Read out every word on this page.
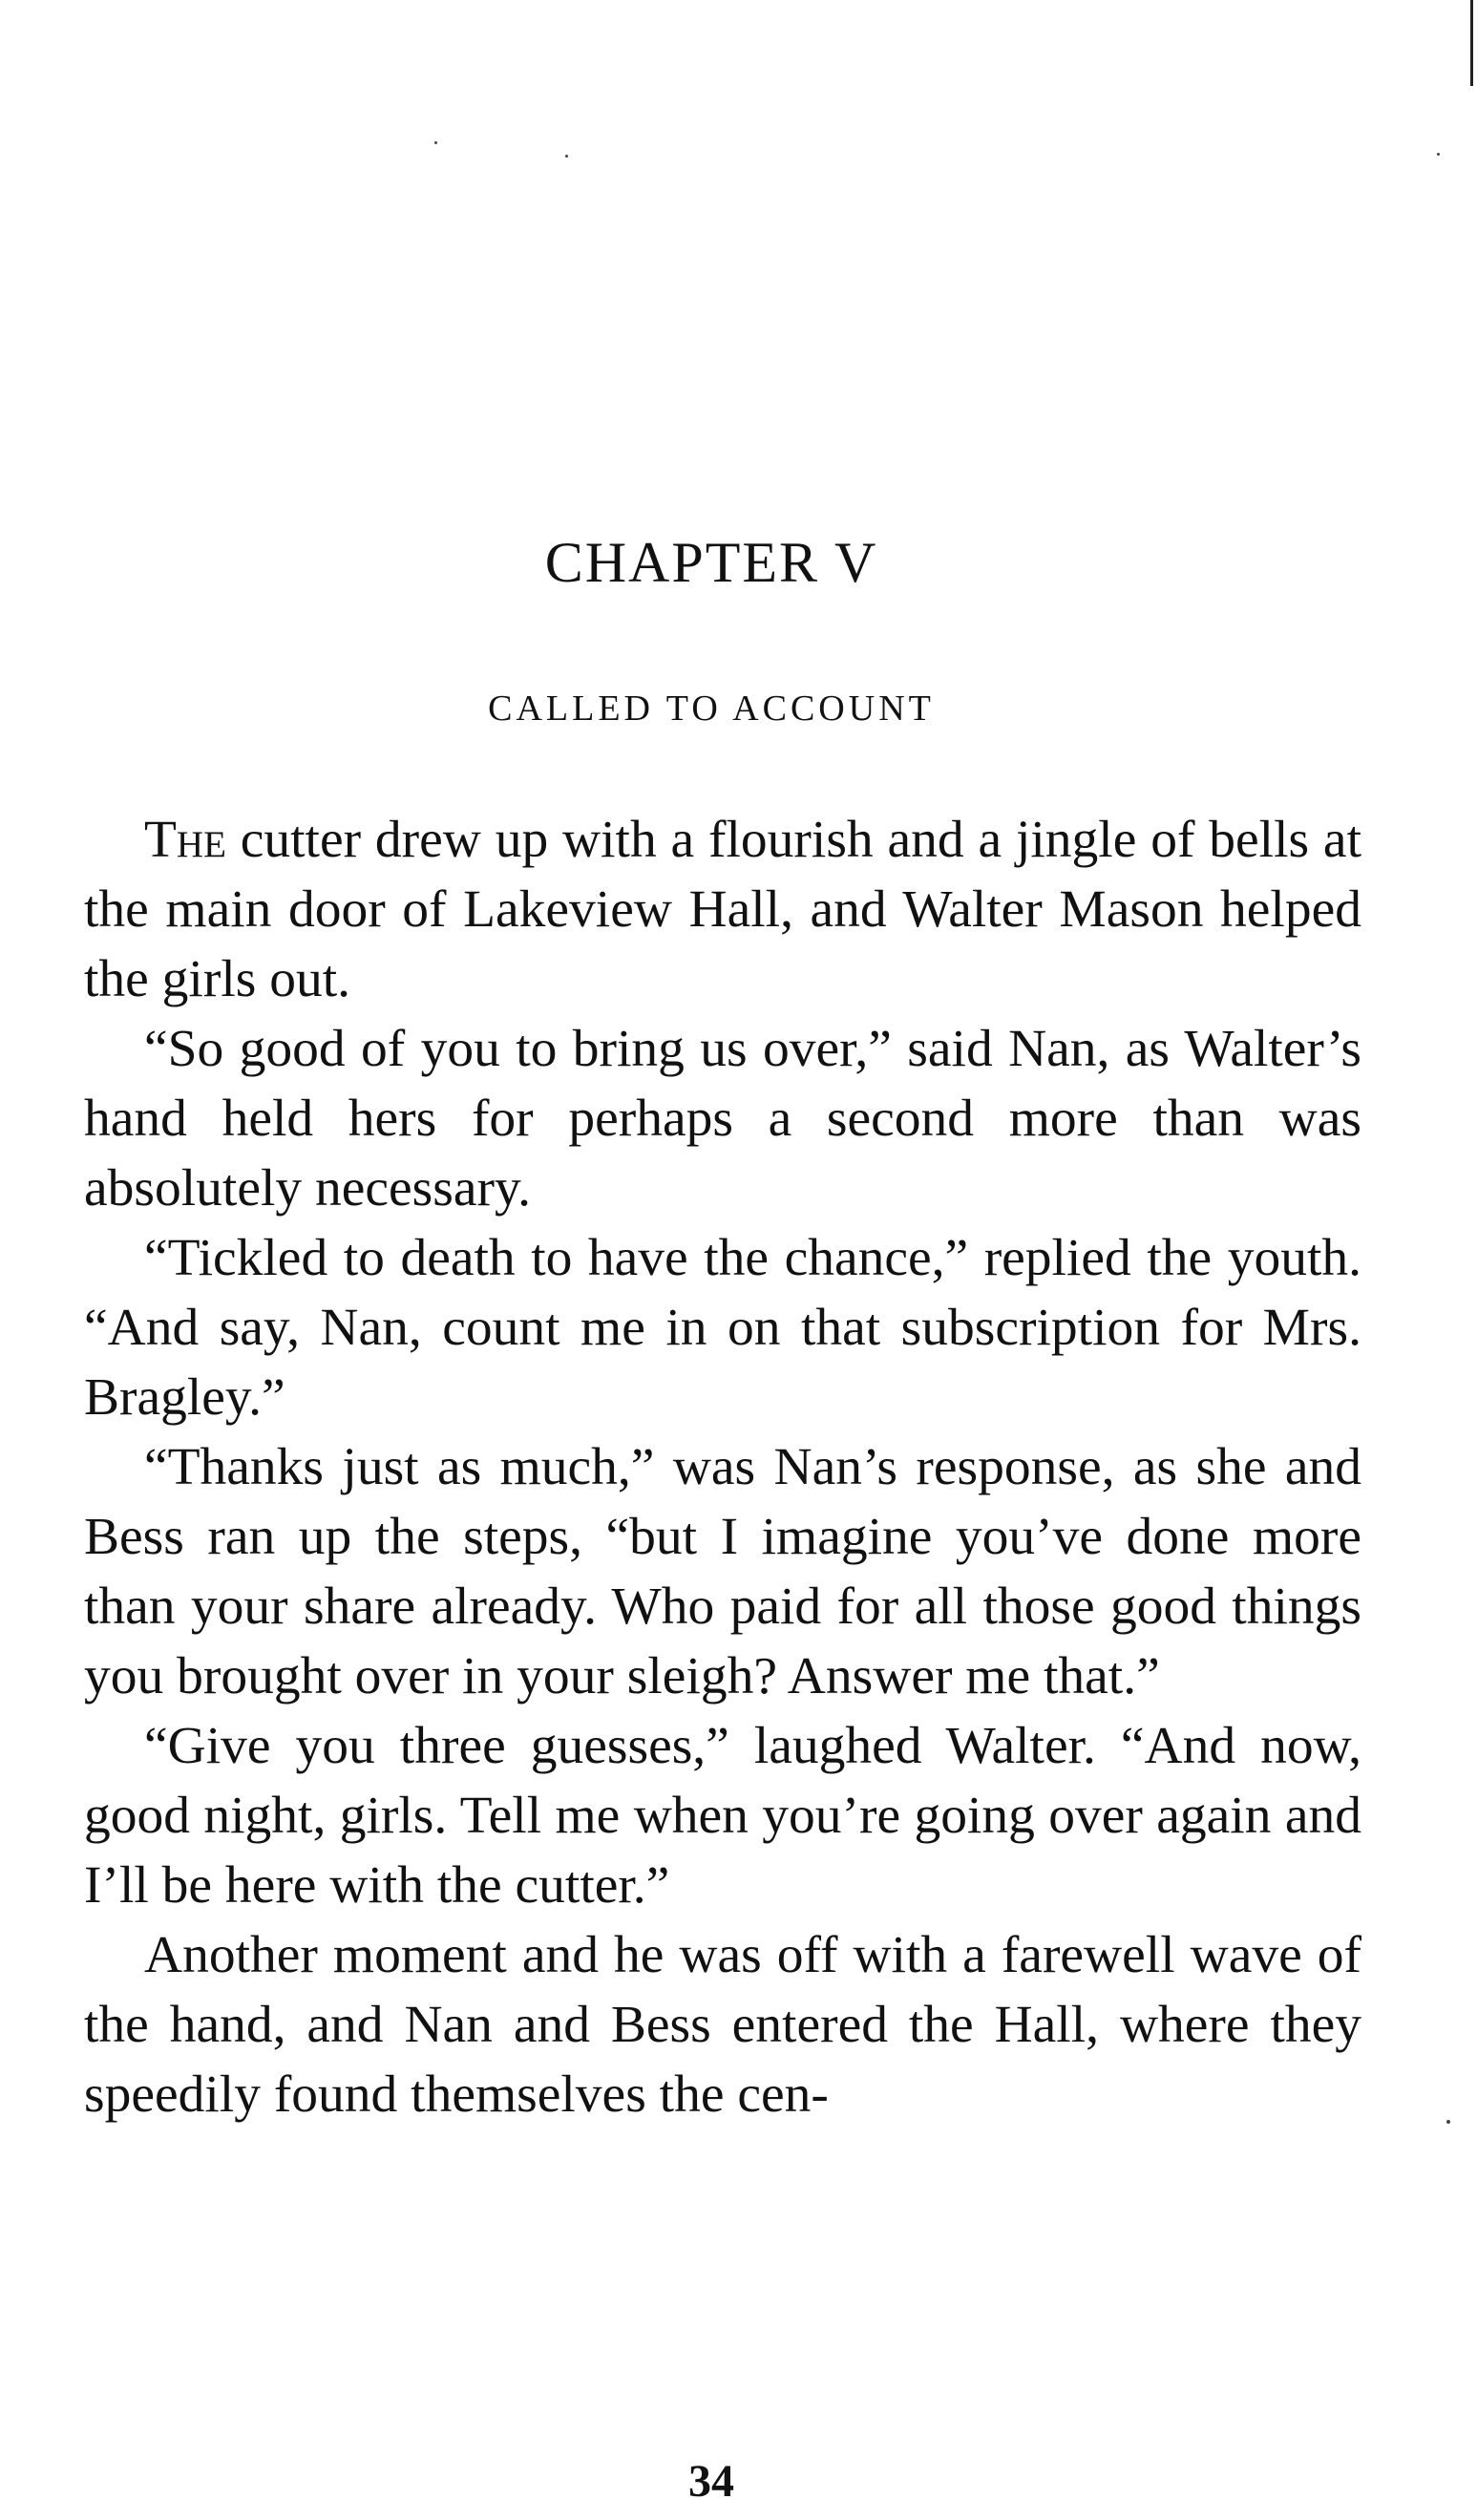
CHAPTER V
CALLED TO ACCOUNT

The cutter drew up with a flourish and a jingle of bells at the main door of Lakeview Hall, and Walter Mason helped the girls out.

“So good of you to bring us over,” said Nan, as Walter’s hand held hers for perhaps a second more than was absolutely necessary.

“Tickled to death to have the chance,” replied the youth. “And say, Nan, count me in on that subscription for Mrs. Bragley.”

“Thanks just as much,” was Nan’s response, as she and Bess ran up the steps, “but I imagine you’ve done more than your share already. Who paid for all those good things you brought over in your sleigh? Answer me that.”

“Give you three guesses,” laughed Walter. “And now, good night, girls. Tell me when you’re going over again and I’ll be here with the cutter.”

Another moment and he was off with a farewell wave of the hand, and Nan and Bess entered the Hall, where they speedily found themselves the cen-

34
